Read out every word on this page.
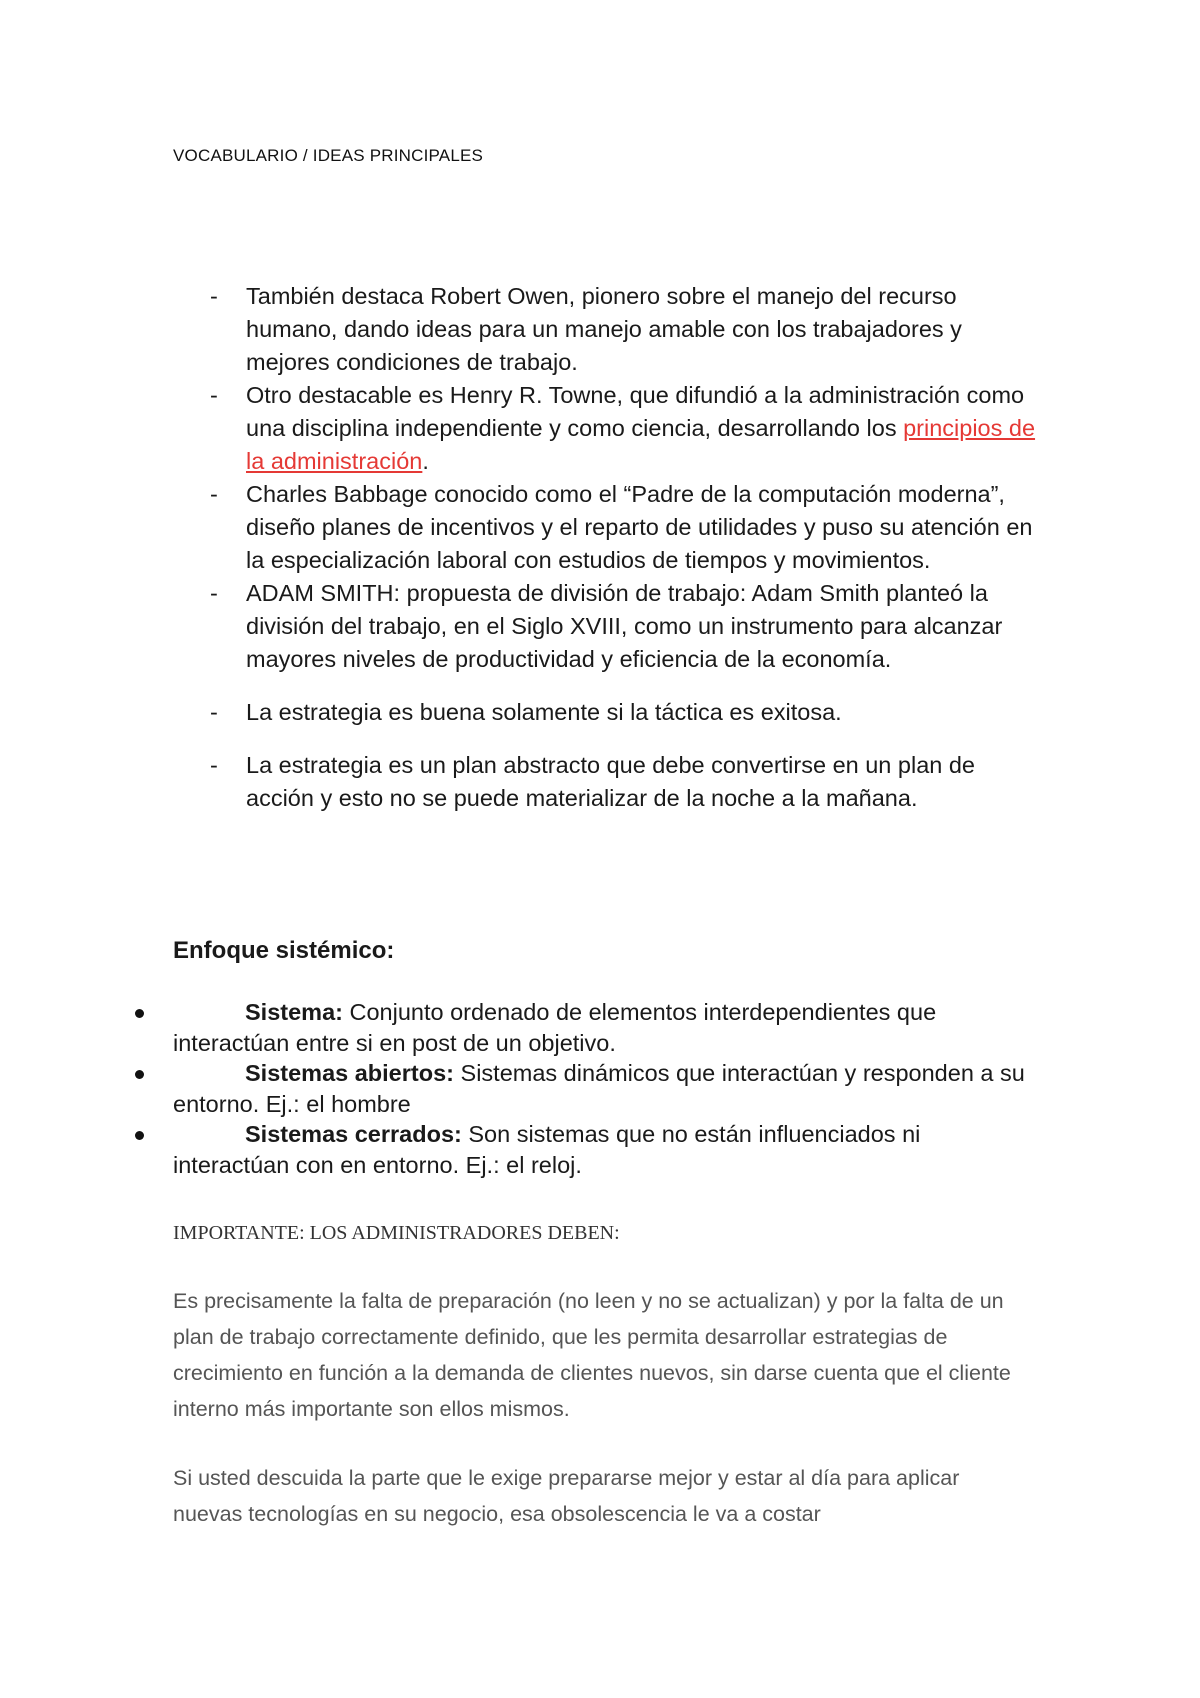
VOCABULARIO / IDEAS PRINCIPALES
- También destaca Robert Owen, pionero sobre el manejo del recurso humano, dando ideas para un manejo amable con los trabajadores y mejores condiciones de trabajo.
- Otro destacable es Henry R. Towne, que difundió a la administración como una disciplina independiente y como ciencia, desarrollando los principios de la administración.
- Charles Babbage conocido como el “Padre de la computación moderna”, diseño planes de incentivos y el reparto de utilidades y puso su atención en la especialización laboral con estudios de tiempos y movimientos.
- ADAM SMITH: propuesta de división de trabajo: Adam Smith planteó la división del trabajo, en el Siglo XVIII, como un instrumento para alcanzar mayores niveles de productividad y eficiencia de la economía.
- La estrategia es buena solamente si la táctica es exitosa.
- La estrategia es un plan abstracto que debe convertirse en un plan de acción y esto no se puede materializar de la noche a la mañana.
Enfoque sistémico:
Sistema: Conjunto ordenado de elementos interdependientes que interactúan entre si en post de un objetivo.
Sistemas abiertos: Sistemas dinámicos que interactúan y responden a su entorno. Ej.: el hombre
Sistemas cerrados: Son sistemas que no están influenciados ni interactúan con en entorno. Ej.: el reloj.
IMPORTANTE: LOS ADMINISTRADORES DEBEN:
Es precisamente la falta de preparación (no leen y no se actualizan) y por la falta de un plan de trabajo correctamente definido, que les permita desarrollar estrategias de crecimiento en función a la demanda de clientes nuevos, sin darse cuenta que el cliente interno más importante son ellos mismos.
Si usted descuida la parte que le exige prepararse mejor y estar al día para aplicar nuevas tecnologías en su negocio, esa obsolescencia le va a costar
